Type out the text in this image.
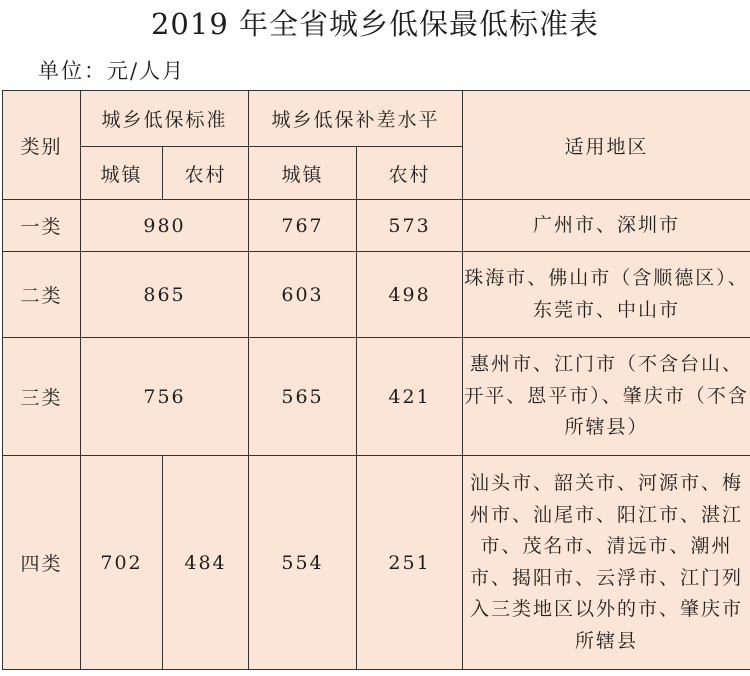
2019 年全省城乡低保最低标准表
单位：元/人月
类别	城乡低保标准		城乡低保补差水平		适用地区
	城镇	农村	城镇	农村	
一类	980		767	573	广州市、深圳市
二类	865		603	498	珠海市、佛山市（含顺德区）、东莞市、中山市
三类	756		565	421	惠州市、江门市（不含台山、开平、恩平市）、肇庆市（不含所辖县）
四类	702	484	554	251	汕头市、韶关市、河源市、梅州市、汕尾市、阳江市、湛江市、茂名市、清远市、潮州市、揭阳市、云浮市、江门列入三类地区以外的市、肇庆市所辖县
